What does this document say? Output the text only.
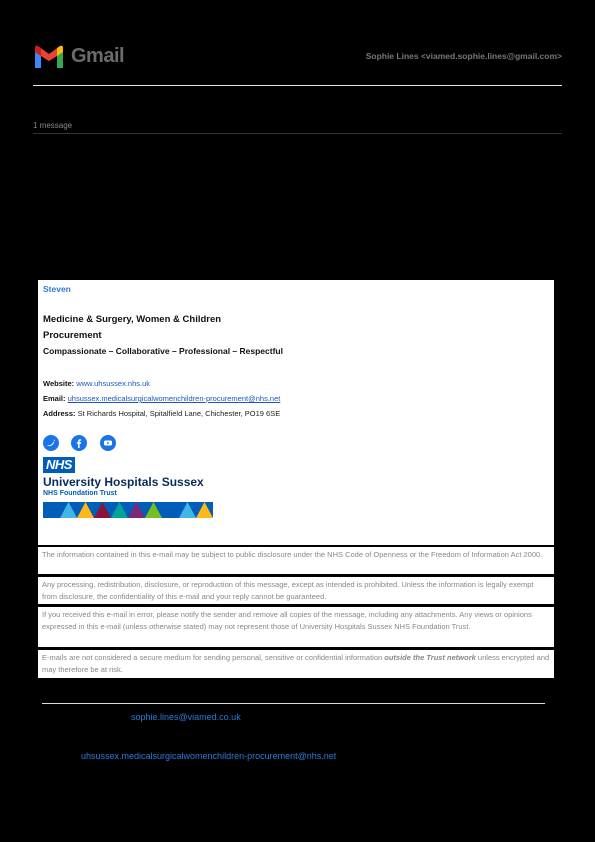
Gmail	Sophie Lines <viamed.sophie.lines@gmail.com>
1 message
Steven
Medicine & Surgery, Women & Children
Procurement
Compassionate – Collaborative – Professional – Respectful
Website: www.uhsussex.nhs.uk
Email: uhsussex.medicalsurgicalwomenchildren-procurement@nhs.net
Address: St Richards Hospital, Spitalfield Lane, Chichester, PO19 6SE

NHS
University Hospitals Sussex
NHS Foundation Trust
The information contained in this e-mail may be subject to public disclosure under the NHS Code of Openness or the Freedom of Information Act 2000.
Any processing, redistribution, disclosure, or reproduction of this message, except as intended is prohibited. Unless the information is legally exempt from disclosure, the confidentiality of this e-mail and your reply cannot be guaranteed.
If you received this e-mail in error, please notify the sender and remove all copies of the message, including any attachments. Any views or opinions expressed in this e-mail (unless otherwise stated) may not represent those of University Hospitals Sussex NHS Foundation Trust.
E-mails are not considered a secure medium for sending personal, sensitive or confidential information outside the Trust network unless encrypted and may therefore be at risk.
sophie.lines@viamed.co.uk
uhsussex.medicalsurgicalwomenchildren-procurement@nhs.net
